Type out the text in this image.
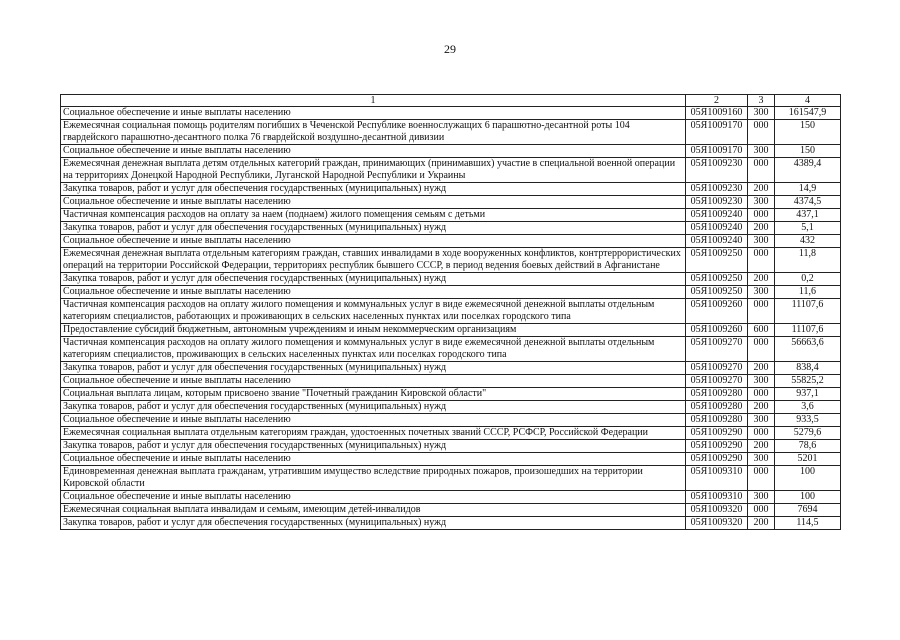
29
1	2	3	4
Социальное обеспечение и иные выплаты населению	05Я1009160	300	161547,9
Ежемесячная социальная помощь родителям погибших в Чеченской Республике военнослужащих 6 парашютно-десантной роты 104 гвардейского парашютно-десантного полка 76 гвардейской воздушно-десантной дивизии	05Я1009170	000	150
Социальное обеспечение и иные выплаты населению	05Я1009170	300	150
Ежемесячная денежная выплата детям отдельных категорий граждан, принимающих (принимавших) участие в специальной военной операции на территориях Донецкой Народной Республики, Луганской Народной Республики и Украины	05Я1009230	000	4389,4
Закупка товаров, работ и услуг для обеспечения государственных (муниципальных) нужд	05Я1009230	200	14,9
Социальное обеспечение и иные выплаты населению	05Я1009230	300	4374,5
Частичная компенсация расходов на оплату за наем (поднаем) жилого помещения семьям с детьми	05Я1009240	000	437,1
Закупка товаров, работ и услуг для обеспечения государственных (муниципальных) нужд	05Я1009240	200	5,1
Социальное обеспечение и иные выплаты населению	05Я1009240	300	432
Ежемесячная денежная выплата отдельным категориям граждан, ставших инвалидами в ходе вооруженных конфликтов, контртеррористических операций на территории Российской Федерации, территориях республик бывшего СССР, в период ведения боевых действий в Афганистане	05Я1009250	000	11,8
Закупка товаров, работ и услуг для обеспечения государственных (муниципальных) нужд	05Я1009250	200	0,2
Социальное обеспечение и иные выплаты населению	05Я1009250	300	11,6
Частичная компенсация расходов на оплату жилого помещения и коммунальных услуг в виде ежемесячной денежной выплаты отдельным категориям специалистов, работающих и проживающих в сельских населенных пунктах или поселках городского типа	05Я1009260	000	11107,6
Предоставление субсидий бюджетным, автономным учреждениям и иным некоммерческим организациям	05Я1009260	600	11107,6
Частичная компенсация расходов на оплату жилого помещения и коммунальных услуг в виде ежемесячной денежной выплаты отдельным категориям специалистов, проживающих в сельских населенных пунктах или поселках городского типа	05Я1009270	000	56663,6
Закупка товаров, работ и услуг для обеспечения государственных (муниципальных) нужд	05Я1009270	200	838,4
Социальное обеспечение и иные выплаты населению	05Я1009270	300	55825,2
Социальная выплата лицам, которым присвоено звание "Почетный гражданин Кировской области"	05Я1009280	000	937,1
Закупка товаров, работ и услуг для обеспечения государственных (муниципальных) нужд	05Я1009280	200	3,6
Социальное обеспечение и иные выплаты населению	05Я1009280	300	933,5
Ежемесячная социальная выплата отдельным категориям граждан, удостоенных почетных званий СССР, РСФСР, Российской Федерации	05Я1009290	000	5279,6
Закупка товаров, работ и услуг для обеспечения государственных (муниципальных) нужд	05Я1009290	200	78,6
Социальное обеспечение и иные выплаты населению	05Я1009290	300	5201
Единовременная денежная выплата гражданам, утратившим имущество вследствие природных пожаров, произошедших на территории Кировской области	05Я1009310	000	100
Социальное обеспечение и иные выплаты населению	05Я1009310	300	100
Ежемесячная социальная выплата инвалидам и семьям, имеющим детей-инвалидов	05Я1009320	000	7694
Закупка товаров, работ и услуг для обеспечения государственных (муниципальных) нужд	05Я1009320	200	114,5
